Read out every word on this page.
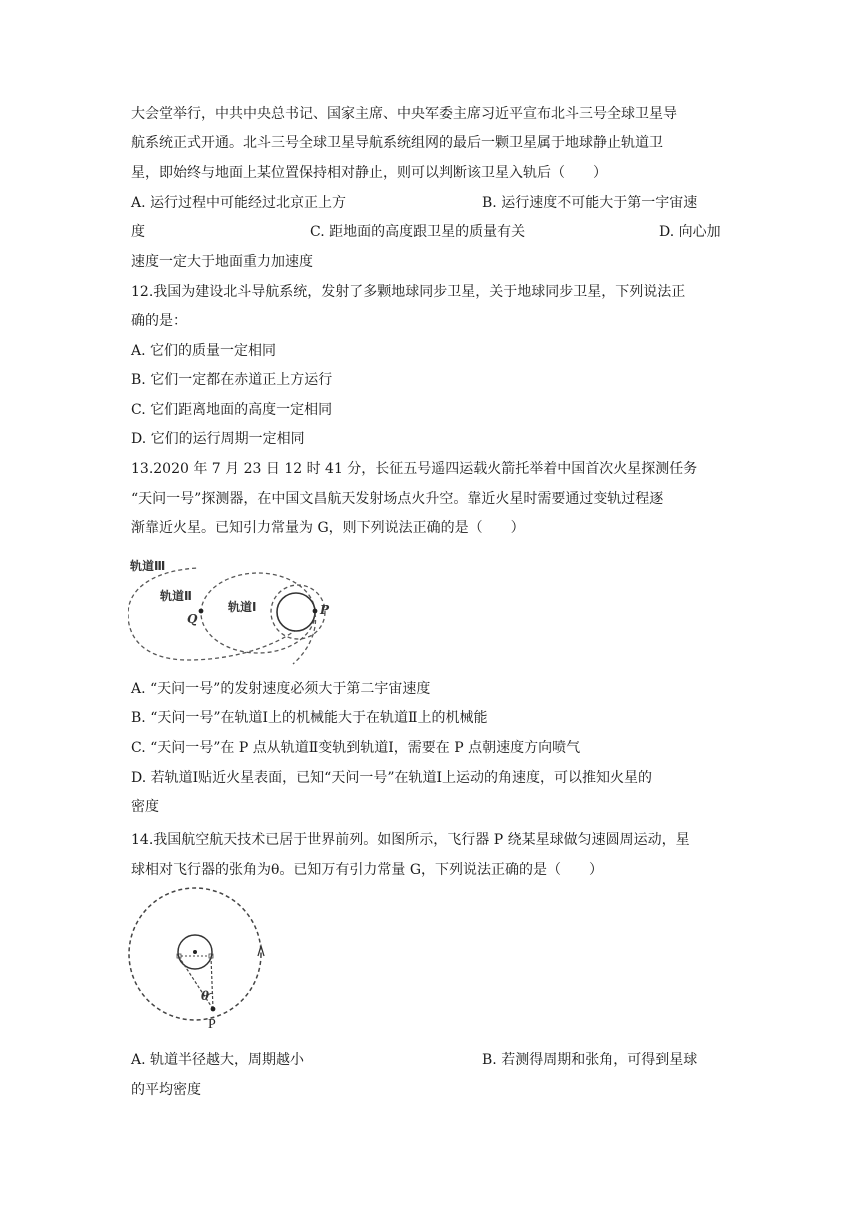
大会堂举行，中共中央总书记、国家主席、中央军委主席习近平宣布北斗三号全球卫星导
航系统正式开通。北斗三号全球卫星导航系统组网的最后一颗卫星属于地球静止轨道卫
星，即始终与地面上某位置保持相对静止，则可以判断该卫星入轨后（　　）
A. 运行过程中可能经过北京正上方	B. 运行速度不可能大于第一宇宙速
度	C. 距地面的高度跟卫星的质量有关	D. 向心加
速度一定大于地面重力加速度
12.我国为建设北斗导航系统，发射了多颗地球同步卫星，关于地球同步卫星，下列说法正
确的是：
A. 它们的质量一定相同
B. 它们一定都在赤道正上方运行
C. 它们距离地面的高度一定相同
D. 它们的运行周期一定相同
13.2020 年 7 月 23 日 12 时 41 分，长征五号遥四运载火箭托举着中国首次火星探测任务
“天问一号”探测器，在中国文昌航天发射场点火升空。靠近火星时需要通过变轨过程逐
渐靠近火星。已知引力常量为 G，则下列说法正确的是（　　）
轨道Ⅲ
轨道Ⅱ
轨道Ⅰ
Q
P
A. “天问一号”的发射速度必须大于第二宇宙速度
B. “天问一号”在轨道Ⅰ上的机械能大于在轨道Ⅱ上的机械能
C. “天问一号”在 P 点从轨道Ⅱ变轨到轨道Ⅰ，需要在 P 点朝速度方向喷气
D. 若轨道Ⅰ贴近火星表面，已知“天问一号”在轨道Ⅰ上运动的角速度，可以推知火星的
密度
14.我国航空航天技术已居于世界前列。如图所示，飞行器 P 绕某星球做匀速圆周运动，星
球相对飞行器的张角为θ。已知万有引力常量 G，下列说法正确的是（　　）
θ
P
A. 轨道半径越大，周期越小	B. 若测得周期和张角，可得到星球
的平均密度
